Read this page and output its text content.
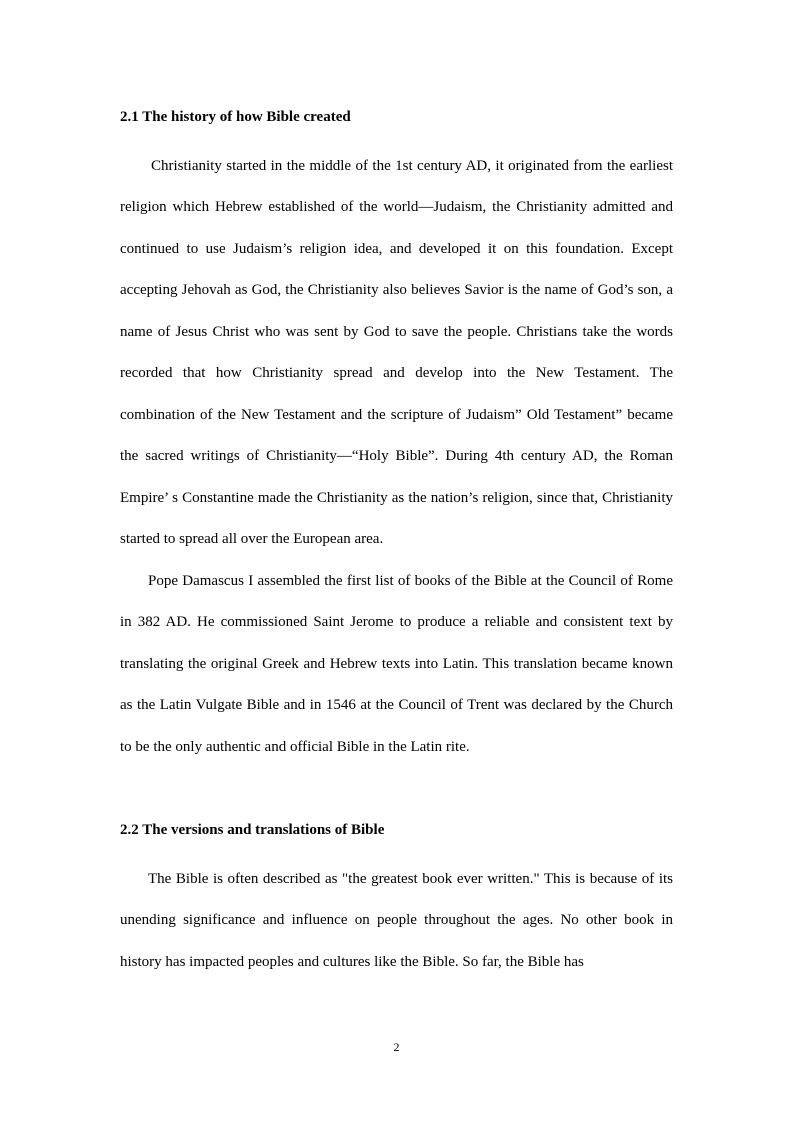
2.1 The history of how Bible created

Christianity started in the middle of the 1st century AD, it originated from the earliest religion which Hebrew established of the world—Judaism, the Christianity admitted and continued to use Judaism’s religion idea, and developed it on this foundation. Except accepting Jehovah as God, the Christianity also believes Savior is the name of God’s son, a name of Jesus Christ who was sent by God to save the people. Christians take the words recorded that how Christianity spread and develop into the New Testament. The combination of the New Testament and the scripture of Judaism” Old Testament” became the sacred writings of Christianity—“Holy Bible”. During 4th century AD, the Roman Empire’ s Constantine made the Christianity as the nation’s religion, since that, Christianity started to spread all over the European area.

Pope Damascus I assembled the first list of books of the Bible at the Council of Rome in 382 AD. He commissioned Saint Jerome to produce a reliable and consistent text by translating the original Greek and Hebrew texts into Latin. This translation became known as the Latin Vulgate Bible and in 1546 at the Council of Trent was declared by the Church to be the only authentic and official Bible in the Latin rite.

2.2 The versions and translations of Bible

The Bible is often described as "the greatest book ever written." This is because of its unending significance and influence on people throughout the ages. No other book in history has impacted peoples and cultures like the Bible. So far, the Bible has

2
